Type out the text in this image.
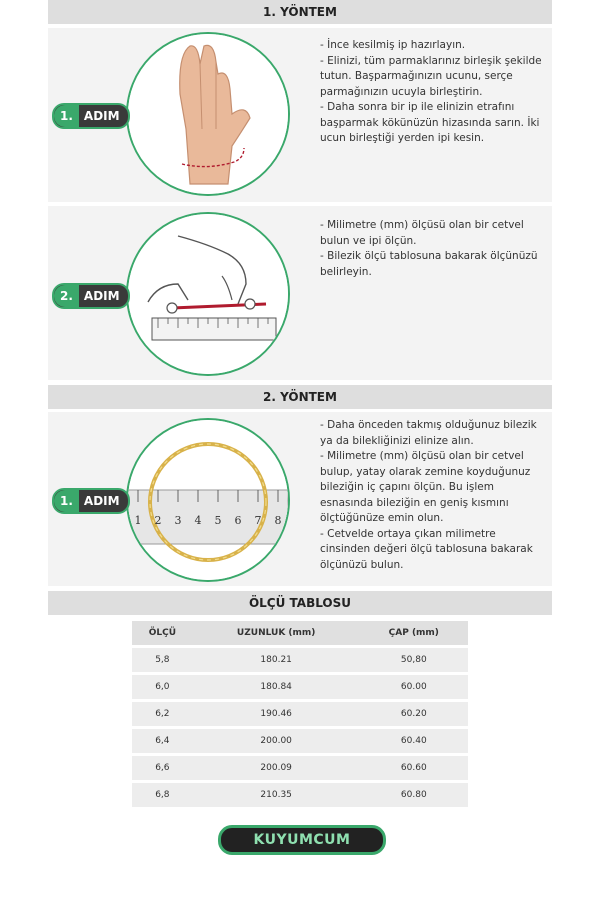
1. YÖNTEM

- İnce kesilmiş ip hazırlayın.

- Elinizi, tüm parmaklarınız birleşik şekilde tutun. Başparmağınızın ucunu, serçe parmağınızın ucuyla birleştirin.

- Daha sonra bir ip ile elinizin etrafını başparmak kökünüzün hizasında sarın. İki ucun birleştiği yerden ipi kesin.

1. ADIM

- Milimetre (mm) ölçüsü olan bir cetvel bulun ve ipi ölçün.

- Bilezik ölçü tablosuna bakarak ölçünüzü belirleyin.

2. ADIM
2. YÖNTEM
1 2 3 4 5 6 7 8

- Daha önceden takmış olduğunuz bilezik ya da bilekliğinizi elinize alın.

- Milimetre (mm) ölçüsü olan bir cetvel bulup, yatay olarak zemine koyduğunuz bileziğin iç çapını ölçün. Bu işlem esnasında bileziğin en geniş kısmını ölçtüğünüze emin olun.

- Cetvelde ortaya çıkan milimetre cinsinden değeri ölçü tablosuna bakarak ölçünüzü bulun.

1. ADIM
ÖLÇÜ TABLOSU
ÖLÇÜ	UZUNLUK (mm)	ÇAP (mm)
5,8	180.21	50,80
6,0	180.84	60.00
6,2	190.46	60.20
6,4	200.00	60.40
6,6	200.09	60.60
6,8	210.35	60.80
KUYUMCUM
